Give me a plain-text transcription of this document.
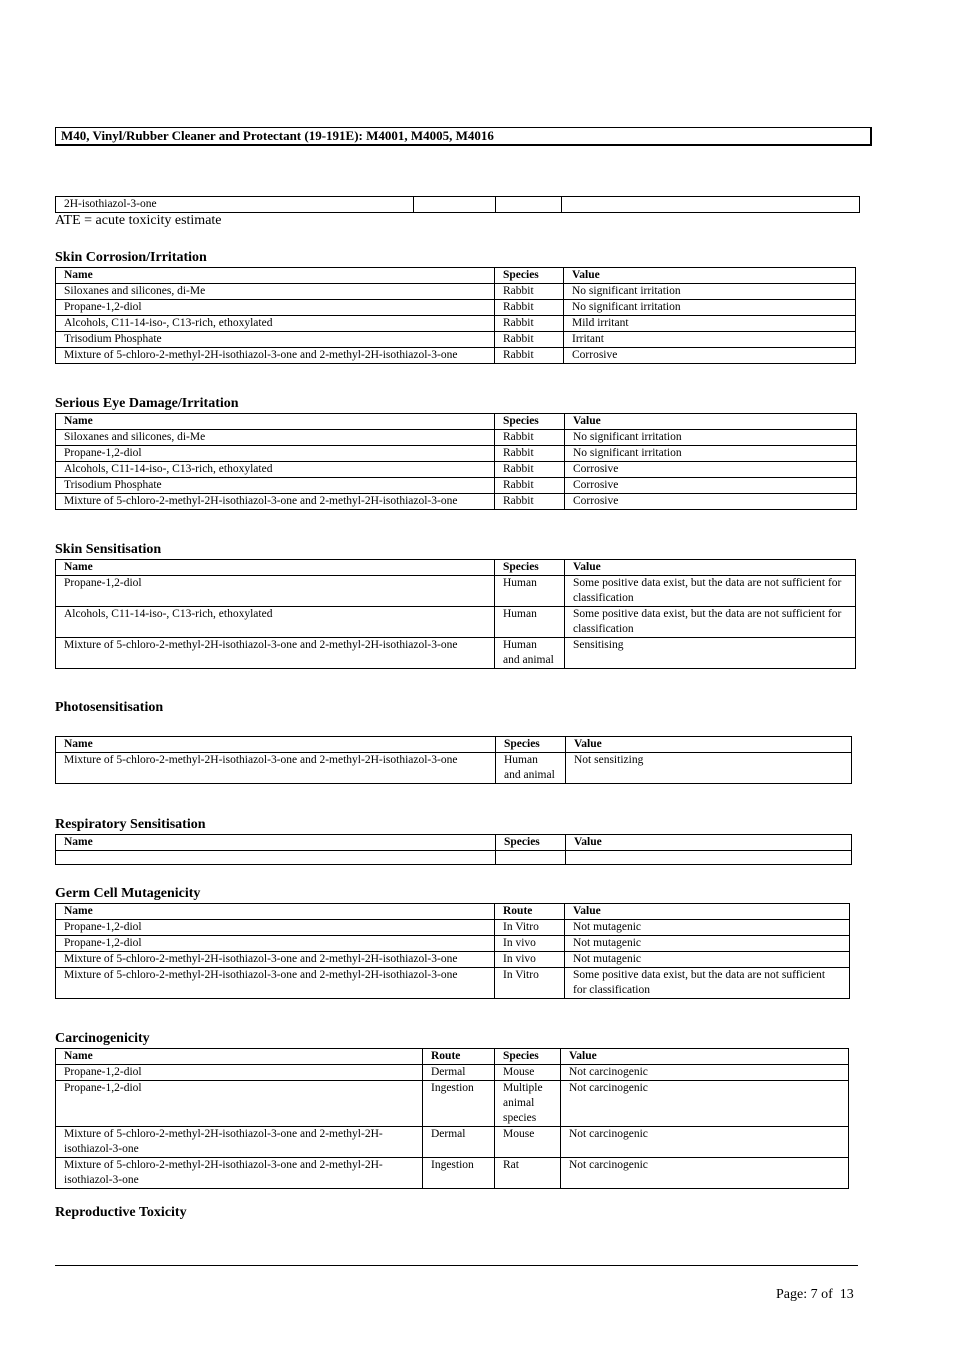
M40, Vinyl/Rubber Cleaner and Protectant (19-191E): M4001, M4005, M4016
2H-isothiazol-3-one			
ATE = acute toxicity estimate
Skin Corrosion/Irritation
Name	Species	Value
Siloxanes and silicones, di-Me	Rabbit	No significant irritation
Propane-1,2-diol	Rabbit	No significant irritation
Alcohols, C11-14-iso-, C13-rich, ethoxylated	Rabbit	Mild irritant
Trisodium Phosphate	Rabbit	Irritant
Mixture of 5-chloro-2-methyl-2H-isothiazol-3-one and 2-methyl-2H-isothiazol-3-one	Rabbit	Corrosive
Serious Eye Damage/Irritation
Name	Species	Value
Siloxanes and silicones, di-Me	Rabbit	No significant irritation
Propane-1,2-diol	Rabbit	No significant irritation
Alcohols, C11-14-iso-, C13-rich, ethoxylated	Rabbit	Corrosive
Trisodium Phosphate	Rabbit	Corrosive
Mixture of 5-chloro-2-methyl-2H-isothiazol-3-one and 2-methyl-2H-isothiazol-3-one	Rabbit	Corrosive
Skin Sensitisation
Name	Species	Value
Propane-1,2-diol	Human	Some positive data exist, but the data are not sufficient for classification
Alcohols, C11-14-iso-, C13-rich, ethoxylated	Human	Some positive data exist, but the data are not sufficient for classification
Mixture of 5-chloro-2-methyl-2H-isothiazol-3-one and 2-methyl-2H-isothiazol-3-one	Human and animal	Sensitising
Photosensitisation
Name	Species	Value
Mixture of 5-chloro-2-methyl-2H-isothiazol-3-one and 2-methyl-2H-isothiazol-3-one	Human and animal	Not sensitizing
Respiratory Sensitisation
Name	Species	Value

Germ Cell Mutagenicity
Name	Route	Value
Propane-1,2-diol	In Vitro	Not mutagenic
Propane-1,2-diol	In vivo	Not mutagenic
Mixture of 5-chloro-2-methyl-2H-isothiazol-3-one and 2-methyl-2H-isothiazol-3-one	In vivo	Not mutagenic
Mixture of 5-chloro-2-methyl-2H-isothiazol-3-one and 2-methyl-2H-isothiazol-3-one	In Vitro	Some positive data exist, but the data are not sufficient for classification
Carcinogenicity
Name	Route	Species	Value
Propane-1,2-diol	Dermal	Mouse	Not carcinogenic
Propane-1,2-diol	Ingestion	Multiple animal species	Not carcinogenic
Mixture of 5-chloro-2-methyl-2H-isothiazol-3-one and 2-methyl-2H-isothiazol-3-one	Dermal	Mouse	Not carcinogenic
Mixture of 5-chloro-2-methyl-2H-isothiazol-3-one and 2-methyl-2H-isothiazol-3-one	Ingestion	Rat	Not carcinogenic
Reproductive Toxicity
Page: 7 of  13
